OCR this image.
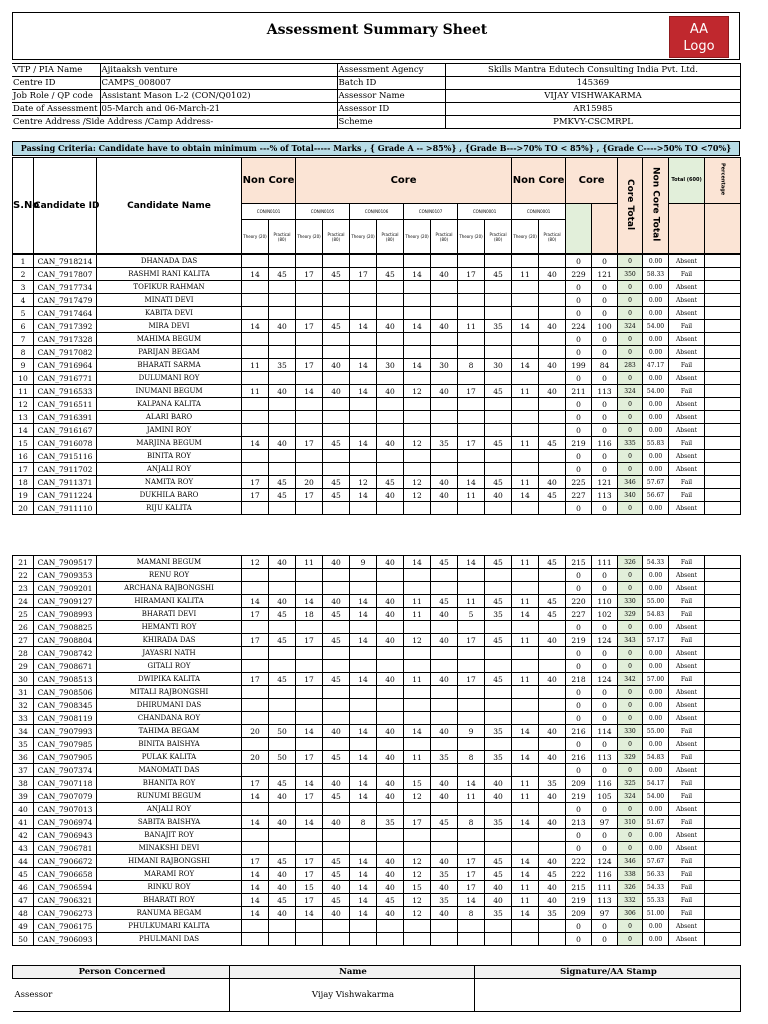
Assessment Summary Sheet	AA
Logo
VTP / PIA Name	Ajitaaksh venture	Assessment Agency	Skills Mantra Edutech Consulting India Pvt. Ltd.
Centre ID	CAMPS_008007	Batch ID	145369
Job Role / QP code	Assistant Mason L-2 (CON/Q0102)	Assessor Name	VIJAY VISHWAKARMA
Date of Assessment	05-March and 06-March-21	Assessor ID	AR15985
Centre Address /Side Address /Camp Address-		Scheme	PMKVY-CSCMRPL
Passing Criteria: Candidate have to obtain minimum ---% of Total----- Marks , { Grade A -- >85%} , {Grade B--->70% TO < 85%} , {Grade C---->50% TO <70%}
S.No	Candidate ID	Candidate Name	Non Core		Core								Non Core		Core		Core Total	Non Core Total	Total (600)	Percentage		
			CON/N0101		CON/N0105		CON/N0106		CON/N0107		CON/N0001		CON/N0001								
			Theory (20)	Practical (80)	Theory (20)	Practical (80)	Theory (20)	Practical (80)	Theory (20)	Practical (80)	Theory (20)	Practical (80)	Theory (20)	Practical (80)							
1	CAN_7918214	DHANADA DAS													0	0	0	0.00	Absent	
2	CAN_7917807	RASHMI RANI KALITA	14	45	17	45	17	45	14	40	17	45	11	40	229	121	350	58.33	Fail	
3	CAN_7917734	TOFIKUR RAHMAN													0	0	0	0.00	Absent	
4	CAN_7917479	MINATI DEVI													0	0	0	0.00	Absent	
5	CAN_7917464	KABITA DEVI													0	0	0	0.00	Absent	
6	CAN_7917392	MIRA DEVI	14	40	17	45	14	40	14	40	11	35	14	40	224	100	324	54.00	Fail	
7	CAN_7917328	MAHIMA BEGUM													0	0	0	0.00	Absent	
8	CAN_7917082	PARIJAN BEGAM													0	0	0	0.00	Absent	
9	CAN_7916964	BHARATI SARMA	11	35	17	40	14	30	14	30	8	30	14	40	199	84	283	47.17	Fail	
10	CAN_7916771	DULUMANI ROY													0	0	0	0.00	Absent	
11	CAN_7916533	INUMANI BEGUM	11	40	14	40	14	40	12	40	17	45	11	40	211	113	324	54.00	Fail	
12	CAN_7916511	KALPANA KALITA													0	0	0	0.00	Absent	
13	CAN_7916391	ALARI BARO													0	0	0	0.00	Absent	
14	CAN_7916167	JAMINI ROY													0	0	0	0.00	Absent	
15	CAN_7916078	MARJINA BEGUM	14	40	17	45	14	40	12	35	17	45	11	45	219	116	335	55.83	Fail	
16	CAN_7915116	BINITA ROY													0	0	0	0.00	Absent	
17	CAN_7911702	ANJALI ROY													0	0	0	0.00	Absent	
18	CAN_7911371	NAMITA ROY	17	45	20	45	12	45	12	40	14	45	11	40	225	121	346	57.67	Fail	
19	CAN_7911224	DUKHILA BARO	17	45	17	45	14	40	12	40	11	40	14	45	227	113	340	56.67	Fail	
20	CAN_7911110	RIJU KALITA													0	0	0	0.00	Absent	
21	CAN_7909517	MAMANI BEGUM	12	40	11	40	9	40	14	45	14	45	11	45	215	111	326	54.33	Fail	
22	CAN_7909353	RENU ROY													0	0	0	0.00	Absent	
23	CAN_7909201	ARCHANA RAJBONGSHI													0	0	0	0.00	Absent	
24	CAN_7909127	HIRAMANI KALITA	14	40	14	40	14	40	11	45	11	45	11	45	220	110	330	55.00	Fail	
25	CAN_7908993	BHARATI DEVI	17	45	18	45	14	40	11	40	5	35	14	45	227	102	329	54.83	Fail	
26	CAN_7908825	HEMANTI ROY													0	0	0	0.00	Absent	
27	CAN_7908804	KHIRADA DAS	17	45	17	45	14	40	12	40	17	45	11	40	219	124	343	57.17	Fail	
28	CAN_7908742	JAYASRI NATH													0	0	0	0.00	Absent	
29	CAN_7908671	GITALI ROY													0	0	0	0.00	Absent	
30	CAN_7908513	DWIPIKA KALITA	17	45	17	45	14	40	11	40	17	45	11	40	218	124	342	57.00	Fail	
31	CAN_7908506	MITALI RAJBONGSHI													0	0	0	0.00	Absent	
32	CAN_7908345	DHIRUMANI DAS													0	0	0	0.00	Absent	
33	CAN_7908119	CHANDANA ROY													0	0	0	0.00	Absent	
34	CAN_7907993	TAHIMA BEGAM	20	50	14	40	14	40	14	40	9	35	14	40	216	114	330	55.00	Fail	
35	CAN_7907985	BINITA BAISHYA													0	0	0	0.00	Absent	
36	CAN_7907905	PULAK KALITA	20	50	17	45	14	40	11	35	8	35	14	40	216	113	329	54.83	Fail	
37	CAN_7907374	MANOMATI DAS													0	0	0	0.00	Absent	
38	CAN_7907118	BHANITA ROY	17	45	14	40	14	40	15	40	14	40	11	35	209	116	325	54.17	Fail	
39	CAN_7907079	RUNUMI BEGUM	14	40	17	45	14	40	12	40	11	40	11	40	219	105	324	54.00	Fail	
40	CAN_7907013	ANJALI ROY													0	0	0	0.00	Absent	
41	CAN_7906974	SABITA BAISHYA	14	40	14	40	8	35	17	45	8	35	14	40	213	97	310	51.67	Fail	
42	CAN_7906943	BANAJIT ROY													0	0	0	0.00	Absent	
43	CAN_7906781	MINAKSHI DEVI													0	0	0	0.00	Absent	
44	CAN_7906672	HIMANI RAJBONGSHI	17	45	17	45	14	40	12	40	17	45	14	40	222	124	346	57.67	Fail	
45	CAN_7906658	MARAMI ROY	14	40	17	45	14	40	12	35	17	45	14	45	222	116	338	56.33	Fail	
46	CAN_7906594	RINKU ROY	14	40	15	40	14	40	15	40	17	40	11	40	215	111	326	54.33	Fail	
47	CAN_7906321	BHARATI ROY	14	45	17	45	14	45	12	35	14	40	11	40	219	113	332	55.33	Fail	
48	CAN_7906273	RANUMA BEGAM	14	40	14	40	14	40	12	40	8	35	14	35	209	97	306	51.00	Fail	
49	CAN_7906175	PHULKUMARI KALITA													0	0	0	0.00	Absent	
50	CAN_7906093	PHULMANI DAS													0	0	0	0.00	Absent	
Person Concerned	Name	Signature/AA Stamp
Assessor	Vijay Vishwakarma	
